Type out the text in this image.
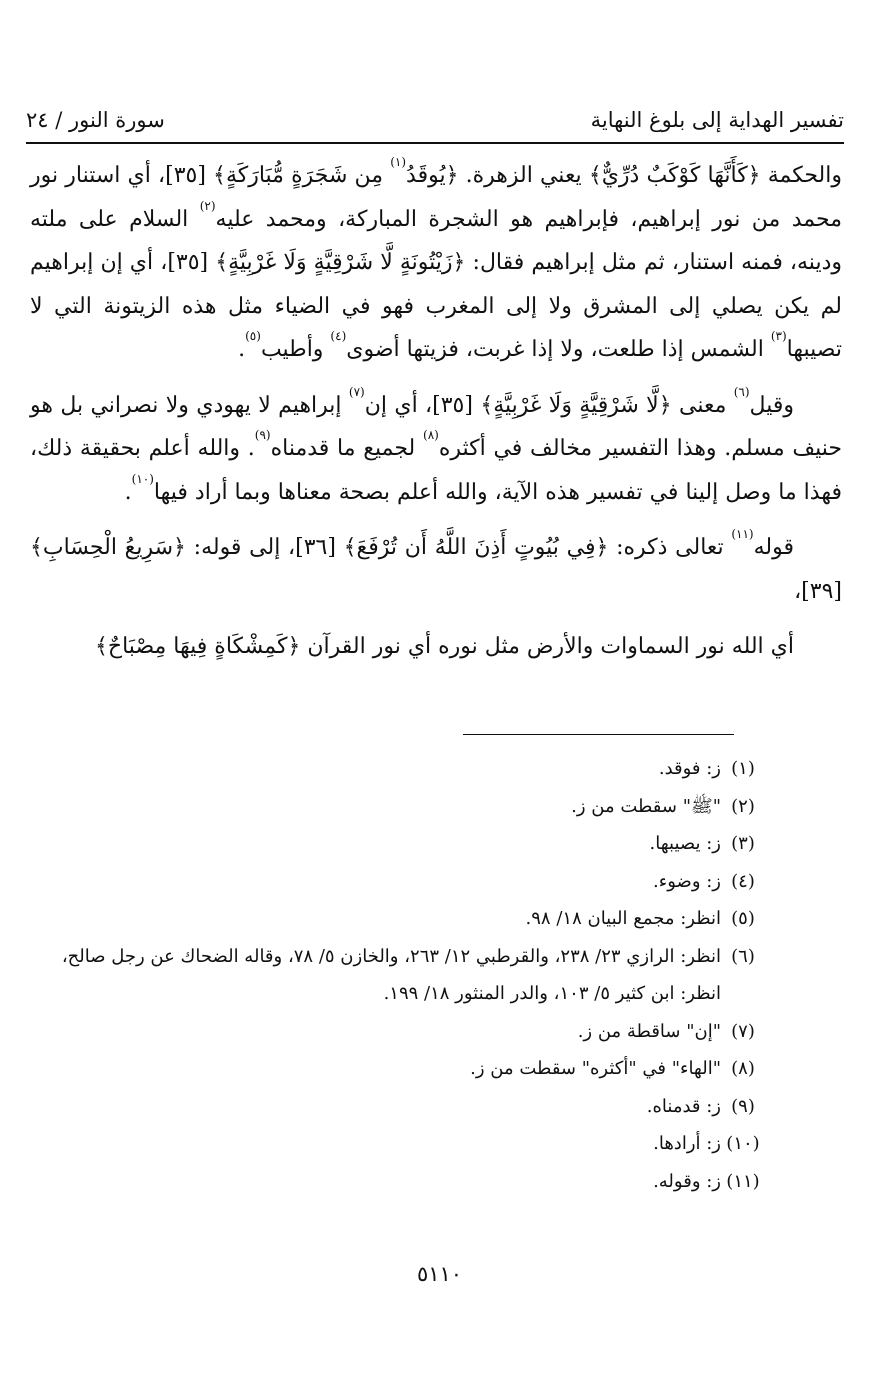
سورة النور / ٢٤	تفسير الهداية إلى بلوغ النهاية

والحكمة ﴿كَأَنَّهَا كَوْكَبٌ دُرِّيٌّ﴾ يعني الزهرة. ﴿يُوقَدُ$^{(١)}$ مِن شَجَرَةٍ مُّبَارَكَةٍ﴾ [٣٥]، أي استنار نور محمد من نور إبراهيم، فإبراهيم هو الشجرة المباركة، ومحمد عليه$^{(٢)}$ السلام على ملته ودينه، فمنه استنار، ثم مثل إبراهيم فقال: ﴿زَيْتُونَةٍ لَّا شَرْقِيَّةٍ وَلَا غَرْبِيَّةٍ﴾ [٣٥]، أي إن إبراهيم لم يكن يصلي إلى المشرق ولا إلى المغرب فهو في الضياء مثل هذه الزيتونة التي لا تصيبها$^{(٣)}$ الشمس إذا طلعت، ولا إذا غربت، فزيتها أضوى$^{(٤)}$ وأطيب$^{(٥)}$.

وقيل$^{(٦)}$ معنى ﴿لَّا شَرْقِيَّةٍ وَلَا غَرْبِيَّةٍ﴾ [٣٥]، أي إن$^{(٧)}$ إبراهيم لا يهودي ولا نصراني بل هو حنيف مسلم. وهذا التفسير مخالف في أكثره$^{(٨)}$ لجميع ما قدمناه$^{(٩)}$. والله أعلم بحقيقة ذلك، فهذا ما وصل إلينا في تفسير هذه الآية، والله أعلم بصحة معناها وبما أراد فيها$^{(١٠)}$.

قوله$^{(١١)}$ تعالى ذكره: ﴿فِي بُيُوتٍ أَذِنَ اللَّهُ أَن تُرْفَعَ﴾ [٣٦]، إلى قوله: ﴿سَرِيعُ الْحِسَابِ﴾ [٣٩]،

أي الله نور السماوات والأرض مثل نوره أي نور القرآن ﴿كَمِشْكَاةٍ فِيهَا مِصْبَاحٌ﴾

(١)
ز: فوقد.
(٢)
"ﷺ" سقطت من ز.
(٣)
ز: يصيبها.
(٤)
ز: وضوء.
(٥)
انظر: مجمع البيان ١٨/ ٩٨.
(٦)
انظر: الرازي ٢٣/ ٢٣٨، والقرطبي ١٢/ ٢٦٣، والخازن ٥/ ٧٨، وقاله الضحاك عن رجل صالح، انظر: ابن كثير ٥/ ١٠٣، والدر المنثور ١٨/ ١٩٩.
(٧)
"إن" ساقطة من ز.
(٨)
"الهاء" في "أكثره" سقطت من ز.
(٩)
ز: قدمناه.
(١٠)
ز: أرادها.
(١١)
ز: وقوله.
٥١١٠
